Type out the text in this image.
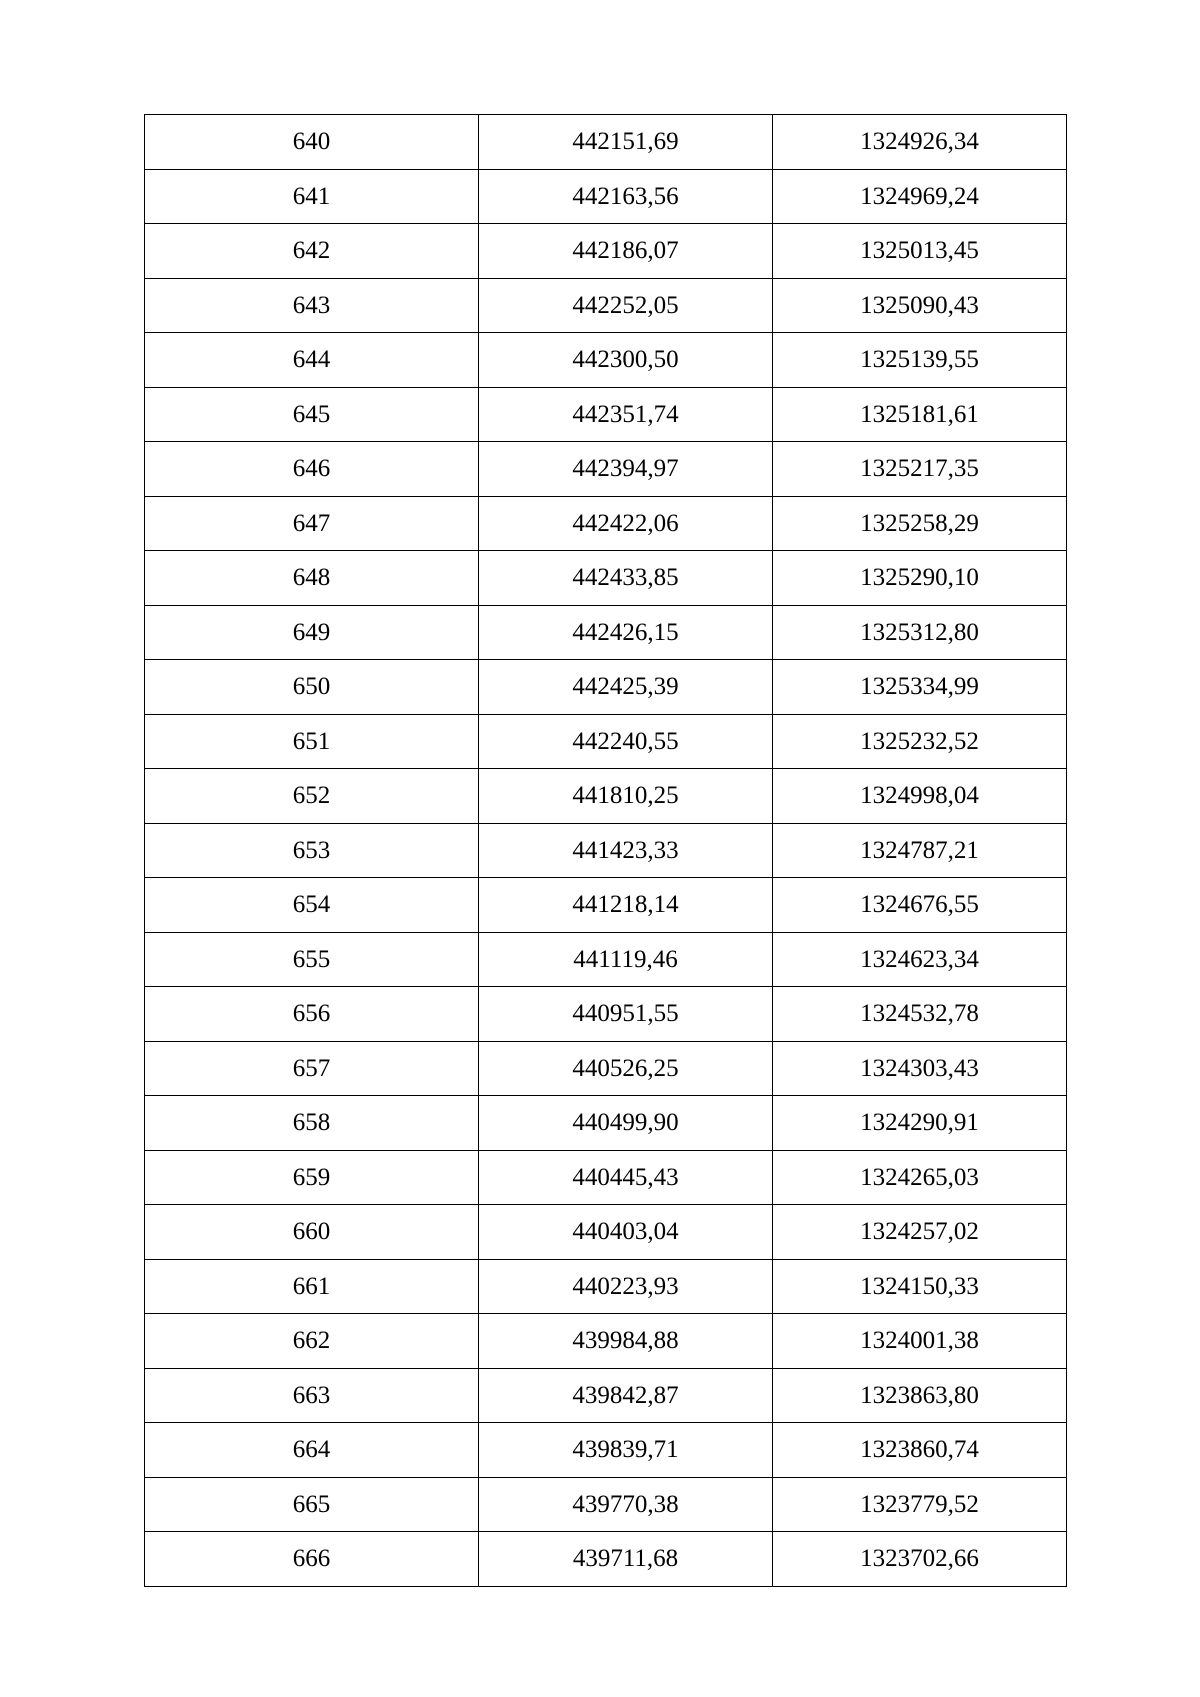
640	442151,69	1324926,34
641	442163,56	1324969,24
642	442186,07	1325013,45
643	442252,05	1325090,43
644	442300,50	1325139,55
645	442351,74	1325181,61
646	442394,97	1325217,35
647	442422,06	1325258,29
648	442433,85	1325290,10
649	442426,15	1325312,80
650	442425,39	1325334,99
651	442240,55	1325232,52
652	441810,25	1324998,04
653	441423,33	1324787,21
654	441218,14	1324676,55
655	441119,46	1324623,34
656	440951,55	1324532,78
657	440526,25	1324303,43
658	440499,90	1324290,91
659	440445,43	1324265,03
660	440403,04	1324257,02
661	440223,93	1324150,33
662	439984,88	1324001,38
663	439842,87	1323863,80
664	439839,71	1323860,74
665	439770,38	1323779,52
666	439711,68	1323702,66
